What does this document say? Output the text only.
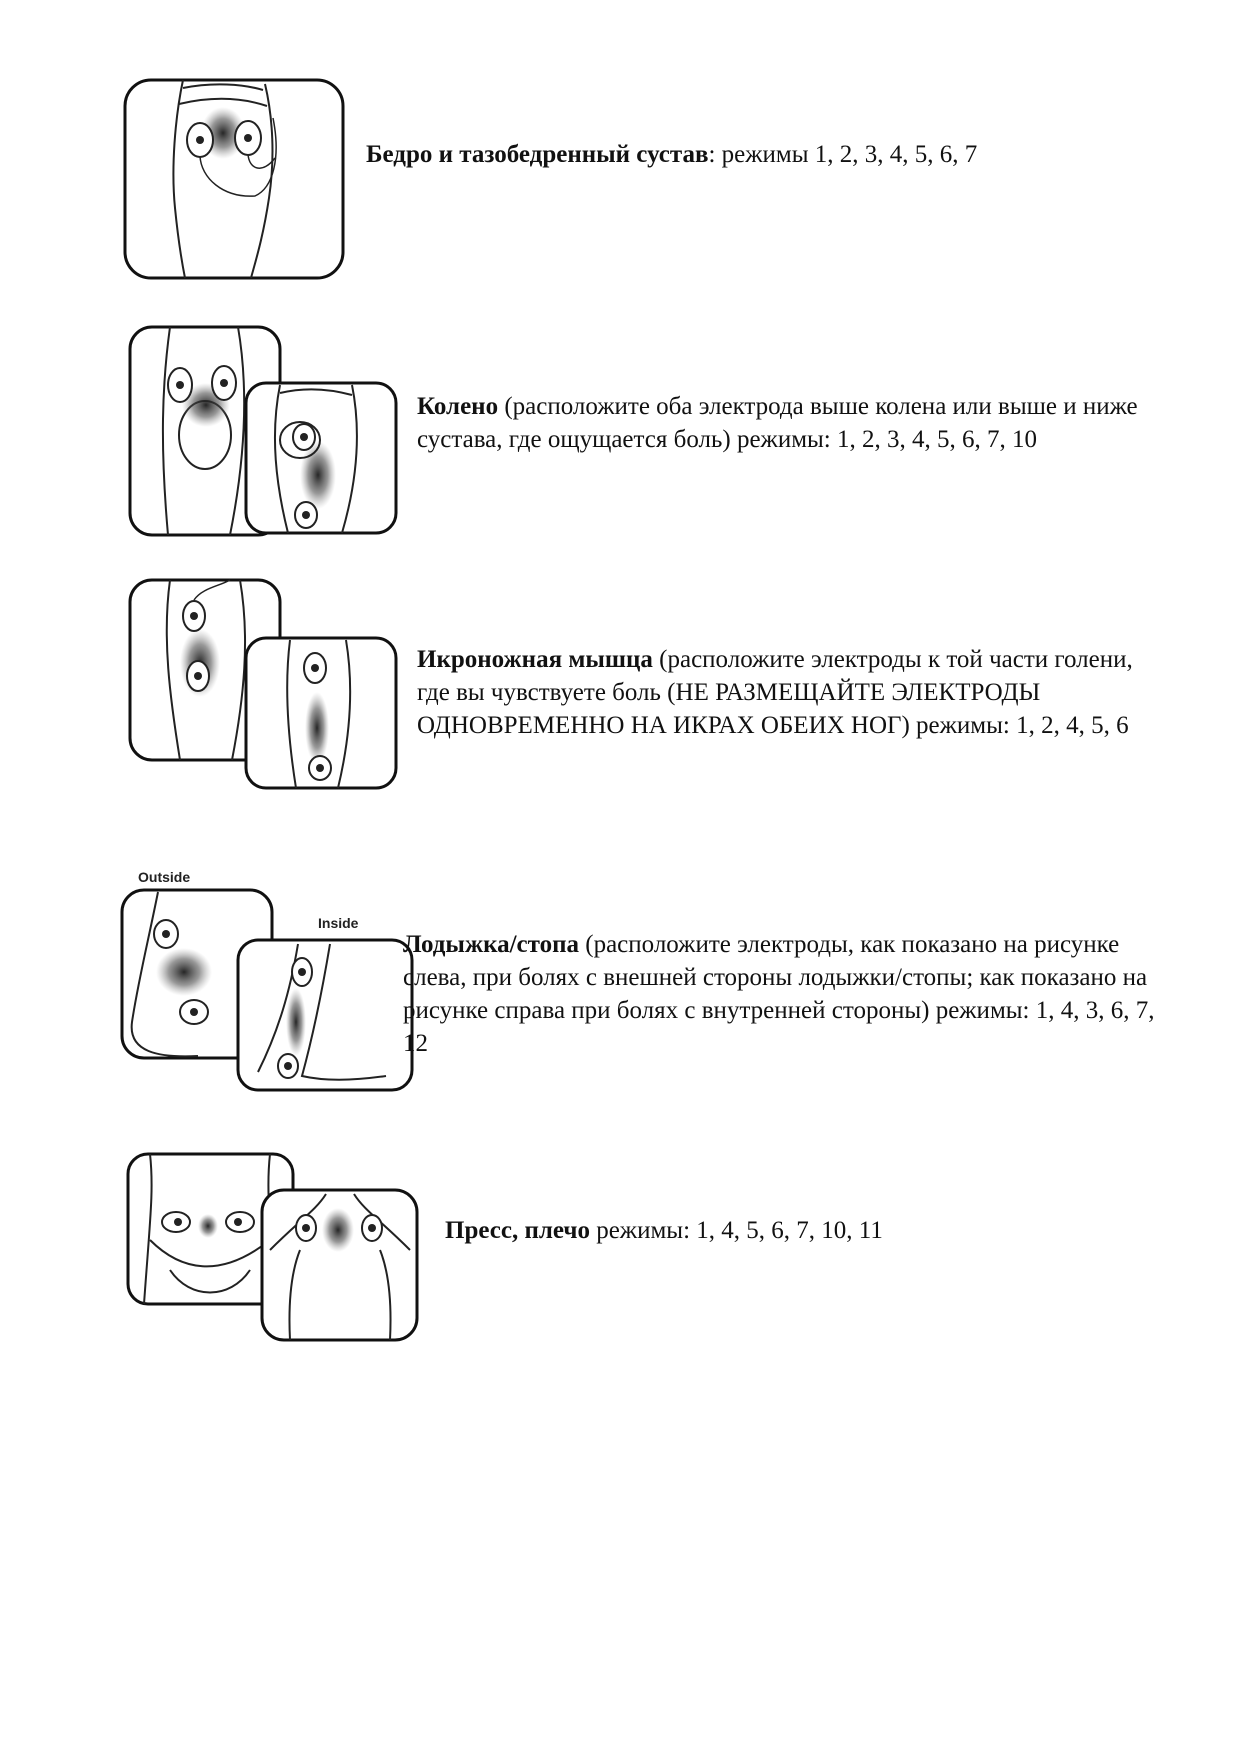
Бедро и тазобедренный сустав: режимы 1, 2, 3, 4, 5, 6, 7
Колено (расположите оба электрода выше колена или выше и ниже сустава, где ощущается боль) режимы: 1, 2, 3, 4, 5, 6, 7, 10
Икроножная мышца (расположите электроды к той части голени, где вы чувствуете боль (НЕ РАЗМЕЩАЙТЕ ЭЛЕКТРОДЫ ОДНОВРЕМЕННО НА ИКРАХ ОБЕИХ НОГ) режимы: 1, 2, 4, 5, 6
Outside
Inside
Лодыжка/стопа (расположите электроды, как показано на рисунке слева, при болях с внешней стороны лодыжки/стопы; как показано на рисунке справа при болях с внутренней стороны) режимы: 1, 4, 3, 6, 7, 12
Пресс, плечо режимы: 1, 4, 5, 6, 7, 10, 11
